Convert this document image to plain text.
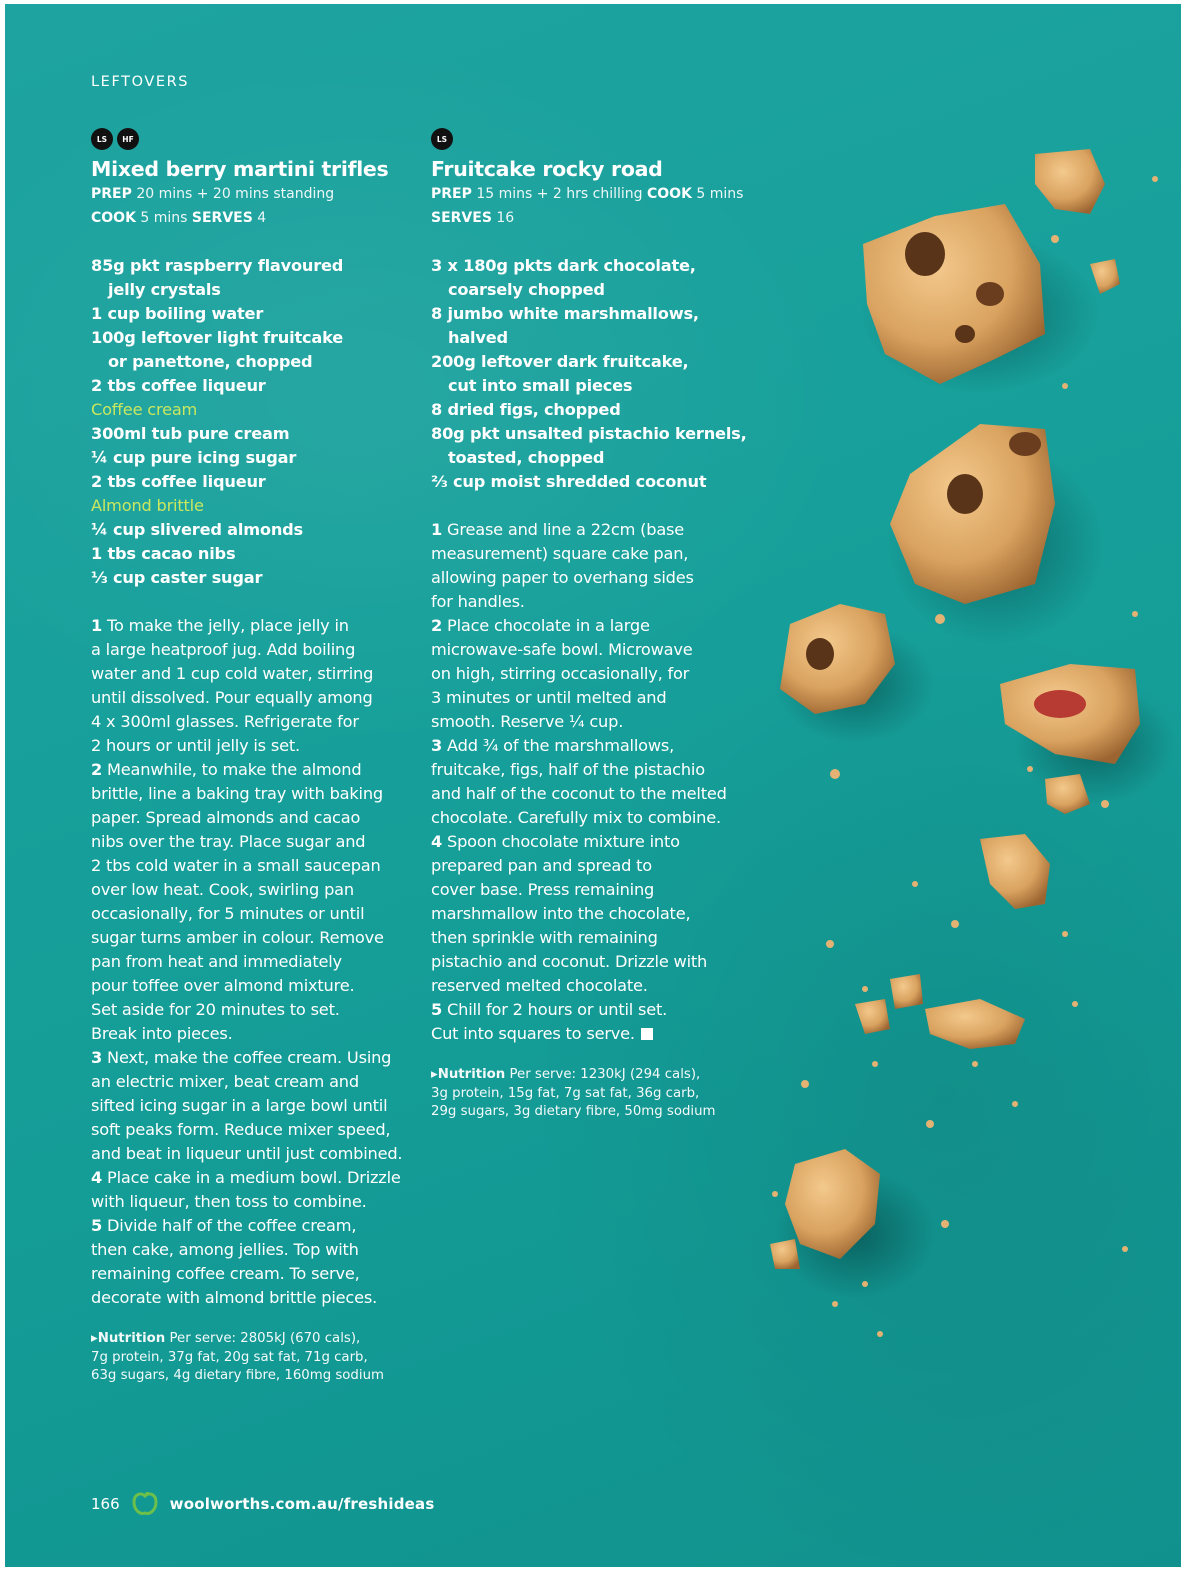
LEFTOVERS
LS	HF
Mixed berry martini trifles
PREP 20 mins + 20 mins standing
COOK 5 mins SERVES 4
85g pkt raspberry flavoured
jelly crystals
1 cup boiling water
100g leftover light fruitcake
or panettone, chopped
2 tbs coffee liqueur
Coffee cream
300ml tub pure cream
¼ cup pure icing sugar
2 tbs coffee liqueur
Almond brittle
¼ cup slivered almonds
1 tbs cacao nibs
⅓ cup caster sugar

1 To make the jelly, place jelly in

a large heatproof jug. Add boiling

water and 1 cup cold water, stirring

until dissolved. Pour equally among

4 x 300ml glasses. Refrigerate for

2 hours or until jelly is set.

2 Meanwhile, to make the almond

brittle, line a baking tray with baking

paper. Spread almonds and cacao

nibs over the tray. Place sugar and

2 tbs cold water in a small saucepan

over low heat. Cook, swirling pan

occasionally, for 5 minutes or until

sugar turns amber in colour. Remove

pan from heat and immediately

pour toffee over almond mixture.

Set aside for 20 minutes to set.

Break into pieces.

3 Next, make the coffee cream. Using

an electric mixer, beat cream and

sifted icing sugar in a large bowl until

soft peaks form. Reduce mixer speed,

and beat in liqueur until just combined.

4 Place cake in a medium bowl. Drizzle

with liqueur, then toss to combine.

5 Divide half of the coffee cream,

then cake, among jellies. Top with

remaining coffee cream. To serve,

decorate with almond brittle pieces.

▸Nutrition Per serve: 2805kJ (670 cals),

7g protein, 37g fat, 20g sat fat, 71g carb,

63g sugars, 4g dietary fibre, 160mg sodium

LS
Fruitcake rocky road
PREP 15 mins + 2 hrs chilling COOK 5 mins
SERVES 16
3 x 180g pkts dark chocolate,
coarsely chopped
8 jumbo white marshmallows,
halved
200g leftover dark fruitcake,
cut into small pieces
8 dried figs, chopped
80g pkt unsalted pistachio kernels,
toasted, chopped
⅔ cup moist shredded coconut

1 Grease and line a 22cm (base

measurement) square cake pan,

allowing paper to overhang sides

for handles.

2 Place chocolate in a large

microwave-safe bowl. Microwave

on high, stirring occasionally, for

3 minutes or until melted and

smooth. Reserve ¼ cup.

3 Add ¾ of the marshmallows,

fruitcake, figs, half of the pistachio

and half of the coconut to the melted

chocolate. Carefully mix to combine.

4 Spoon chocolate mixture into

prepared pan and spread to

cover base. Press remaining

marshmallow into the chocolate,

then sprinkle with remaining

pistachio and coconut. Drizzle with

reserved melted chocolate.

5 Chill for 2 hours or until set.

Cut into squares to serve.

▸Nutrition Per serve: 1230kJ (294 cals),

3g protein, 15g fat, 7g sat fat, 36g carb,

29g sugars, 3g dietary fibre, 50mg sodium

166	woolworths.com.au/freshideas
